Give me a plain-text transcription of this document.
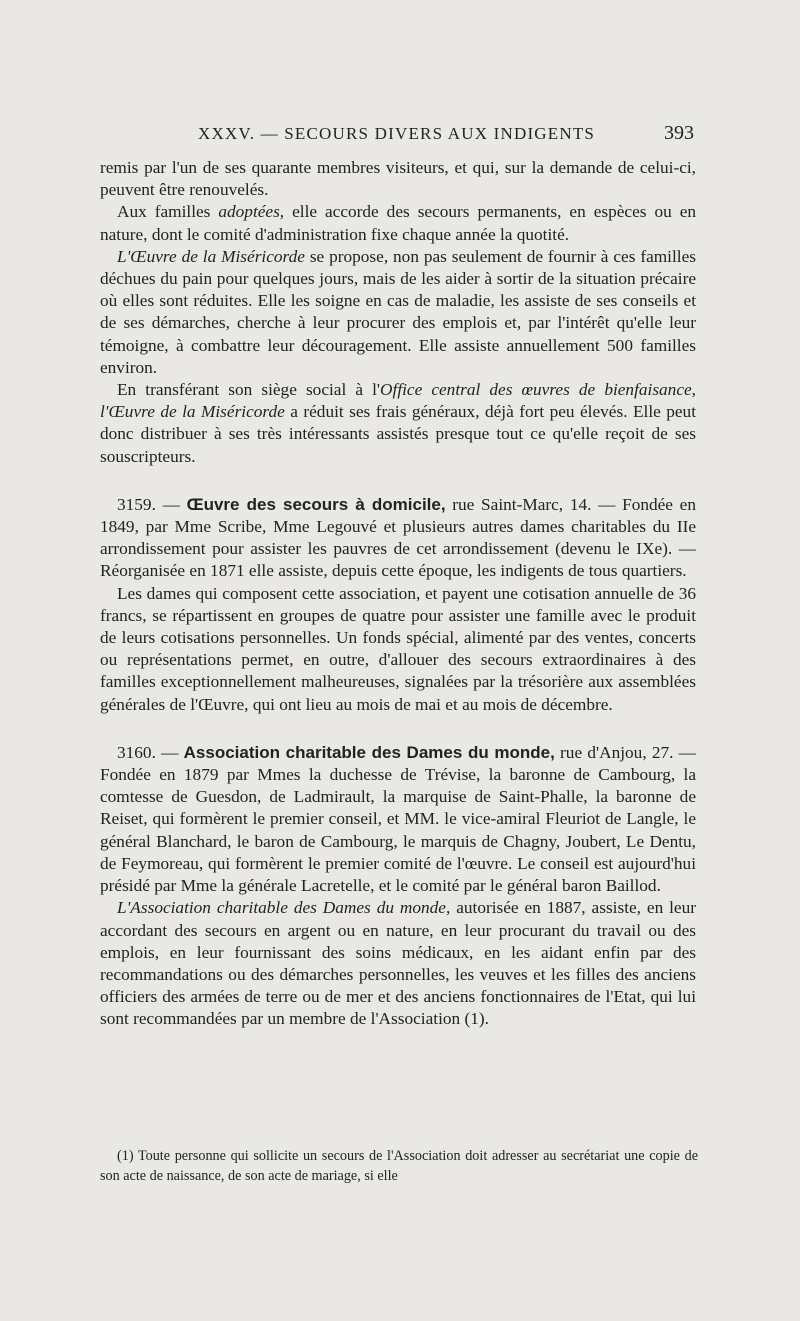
XXXV. — SECOURS DIVERS AUX INDIGENTS	393

remis par l'un de ses quarante membres visiteurs, et qui, sur la demande de celui-ci, peuvent être renouvelés.

Aux familles adoptées, elle accorde des secours permanents, en espèces ou en nature, dont le comité d'administration fixe chaque année la quotité.

L'Œuvre de la Miséricorde se propose, non pas seulement de fournir à ces familles déchues du pain pour quelques jours, mais de les aider à sortir de la situation précaire où elles sont réduites. Elle les soigne en cas de maladie, les assiste de ses conseils et de ses démarches, cherche à leur procurer des emplois et, par l'intérêt qu'elle leur témoigne, à combattre leur découragement. Elle assiste annuellement 500 familles environ.

En transférant son siège social à l'Office central des œuvres de bienfaisance, l'Œuvre de la Miséricorde a réduit ses frais généraux, déjà fort peu élevés. Elle peut donc distribuer à ses très intéressants assistés presque tout ce qu'elle reçoit de ses souscripteurs.

3159. — Œuvre des secours à domicile, rue Saint-Marc, 14. — Fondée en 1849, par Mme Scribe, Mme Legouvé et plusieurs autres dames charitables du IIe arrondissement pour assister les pauvres de cet arrondissement (devenu le IXe). — Réorganisée en 1871 elle assiste, depuis cette époque, les indigents de tous quartiers.

Les dames qui composent cette association, et payent une cotisation annuelle de 36 francs, se répartissent en groupes de quatre pour assister une famille avec le produit de leurs cotisations personnelles. Un fonds spécial, alimenté par des ventes, concerts ou représentations permet, en outre, d'allouer des secours extraordinaires à des familles exceptionnellement malheureuses, signalées par la trésorière aux assemblées générales de l'Œuvre, qui ont lieu au mois de mai et au mois de décembre.

3160. — Association charitable des Dames du monde, rue d'Anjou, 27. — Fondée en 1879 par Mmes la duchesse de Trévise, la baronne de Cambourg, la comtesse de Guesdon, de Ladmirault, la marquise de Saint-Phalle, la baronne de Reiset, qui formèrent le premier conseil, et MM. le vice-amiral Fleuriot de Langle, le général Blanchard, le baron de Cambourg, le marquis de Chagny, Joubert, Le Dentu, de Feymoreau, qui formèrent le premier comité de l'œuvre. Le conseil est aujourd'hui présidé par Mme la générale Lacretelle, et le comité par le général baron Baillod.

L'Association charitable des Dames du monde, autorisée en 1887, assiste, en leur accordant des secours en argent ou en nature, en leur procurant du travail ou des emplois, en leur fournissant des soins médicaux, en les aidant enfin par des recommandations ou des démarches personnelles, les veuves et les filles des anciens officiers des armées de terre ou de mer et des anciens fonctionnaires de l'Etat, qui lui sont recommandées par un membre de l'Association (1).

(1) Toute personne qui sollicite un secours de l'Association doit adresser au secrétariat une copie de son acte de naissance, de son acte de mariage, si elle
